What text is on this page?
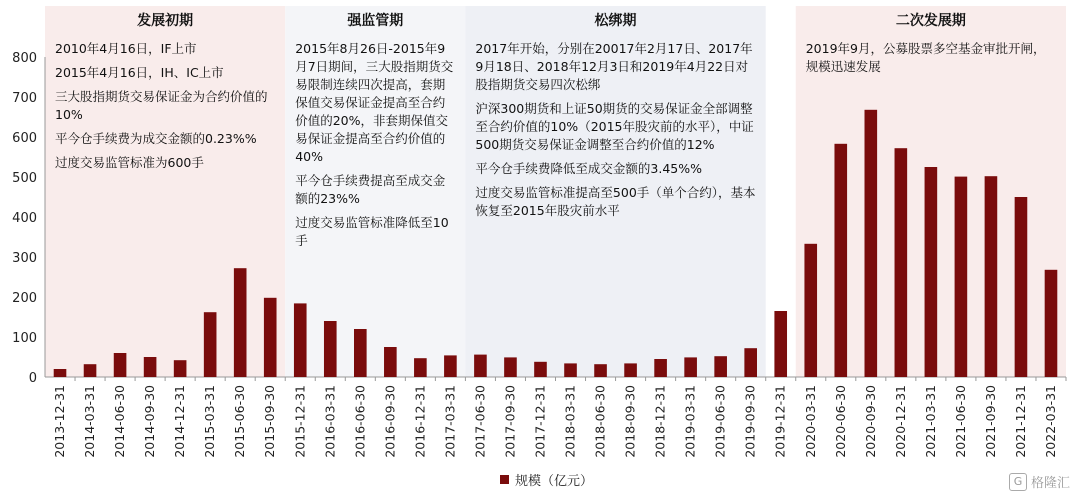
0
100
200
300
400
500
600
700
800
2013-12-31 2014-03-31 2014-06-30 2014-09-30 2014-12-31 2015-03-31 2015-06-30 2015-09-30 2015-12-31 2016-03-31 2016-06-30 2016-09-30 2016-12-31 2017-03-31 2017-06-30 2017-09-30 2017-12-31 2018-03-31 2018-06-30 2018-09-30 2018-12-31 2019-03-31 2019-06-30 2019-09-30 2019-12-31 2020-03-31 2020-06-30 2020-09-30 2020-12-31 2021-03-31 2021-06-30 2021-09-30 2021-12-31 2022-03-31
发展初期

2010年4月16日，IF上市

2015年4月16日，IH、IC上市

三大股指期货交易保证金为合约价值的10%

平今仓手续费为成交金额的0.23%%

过度交易监管标准为600手

强监管期

2015年8月26日-2015年9月7日期间，三大股指期货交易限制连续四次提高，套期保值交易保证金提高至合约价值的20%，非套期保值交易保证金提高至合约价值的40%

平今仓手续费提高至成交金额的23%%

过度交易监管标准降低至10手

松绑期

2017年开始，分别在20017年2月17日、2017年9月18日、2018年12月3日和2019年4月22日对股指期货交易四次松绑

沪深300期货和上证50期货的交易保证金全部调整至合约价值的10%（2015年股灾前的水平），中证500期货交易保证金调整至合约价值的12%

平今仓手续费降低至成交金额的3.45%%

过度交易监管标准提高至500手（单个合约），基本恢复至2015年股灾前水平

二次发展期

2019年9月，公募股票多空基金审批开闸，规模迅速发展

规模（亿元）	G 格隆汇
